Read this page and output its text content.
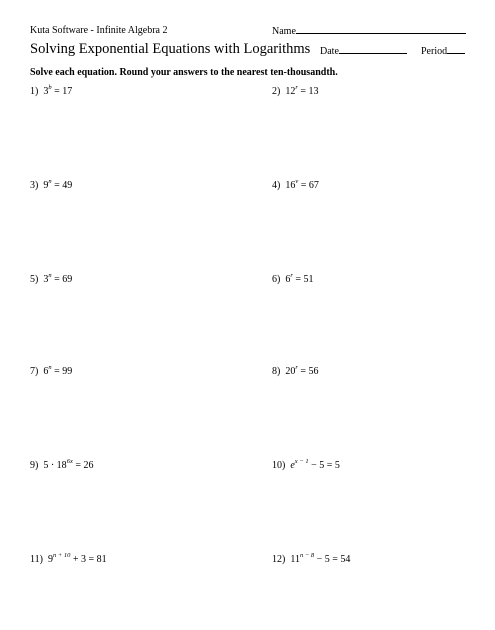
Kuta Software - Infinite Algebra 2	Name
Solving Exponential Equations with Logarithms Date	Period
Solve each equation. Round your answers to the nearest ten-thousandth.
1)  $3^b = 17$	2)  $12^r = 13$
3)  $9^n = 49$	4)  $16^v = 67$
5)  $3^n = 69$	6)  $6^r = 51$
7)  $6^n = 99$	8)  $20^r = 56$
9)  $5 \cdot 18^{6x} = 26$	10)  $e^{x - 1} - 5 = 5$
11)  $9^{n + 10} + 3 = 81$	12)  $11^{n - 8} - 5 = 54$
